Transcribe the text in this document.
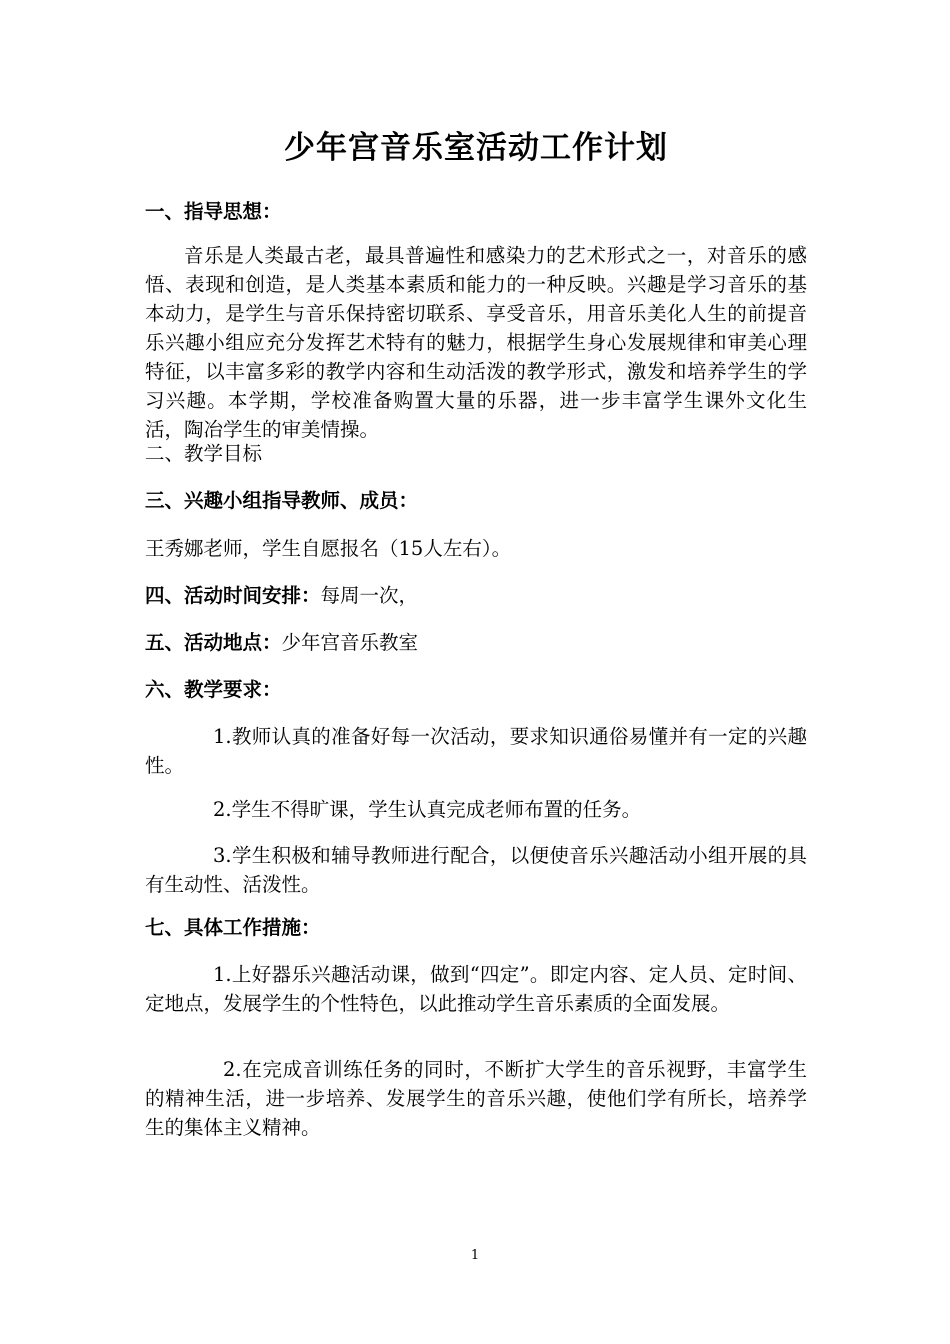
少年宫音乐室活动工作计划

一、指导思想：

音乐是人类最古老，最具普遍性和感染力的艺术形式之一，对音乐的感悟、表现和创造，是人类基本素质和能力的一种反映。兴趣是学习音乐的基本动力，是学生与音乐保持密切联系、享受音乐，用音乐美化人生的前提音乐兴趣小组应充分发挥艺术特有的魅力，根据学生身心发展规律和审美心理特征，以丰富多彩的教学内容和生动活泼的教学形式，激发和培养学生的学习兴趣。本学期，学校准备购置大量的乐器，进一步丰富学生课外文化生活，陶冶学生的审美情操。

二、教学目标

三、兴趣小组指导教师、成员：

王秀娜老师，学生自愿报名（15人左右）。

四、活动时间安排：每周一次，

五、活动地点：少年宫音乐教室

六、教学要求：

1.教师认真的准备好每一次活动，要求知识通俗易懂并有一定的兴趣性。

2.学生不得旷课，学生认真完成老师布置的任务。

3.学生积极和辅导教师进行配合，以便使音乐兴趣活动小组开展的具有生动性、活泼性。

七、具体工作措施：

1.上好器乐兴趣活动课，做到“四定”。即定内容、定人员、定时间、定地点，发展学生的个性特色，以此推动学生音乐素质的全面发展。

2.在完成音训练任务的同时，不断扩大学生的音乐视野，丰富学生的精神生活，进一步培养、发展学生的音乐兴趣，使他们学有所长，培养学生的集体主义精神。

1
